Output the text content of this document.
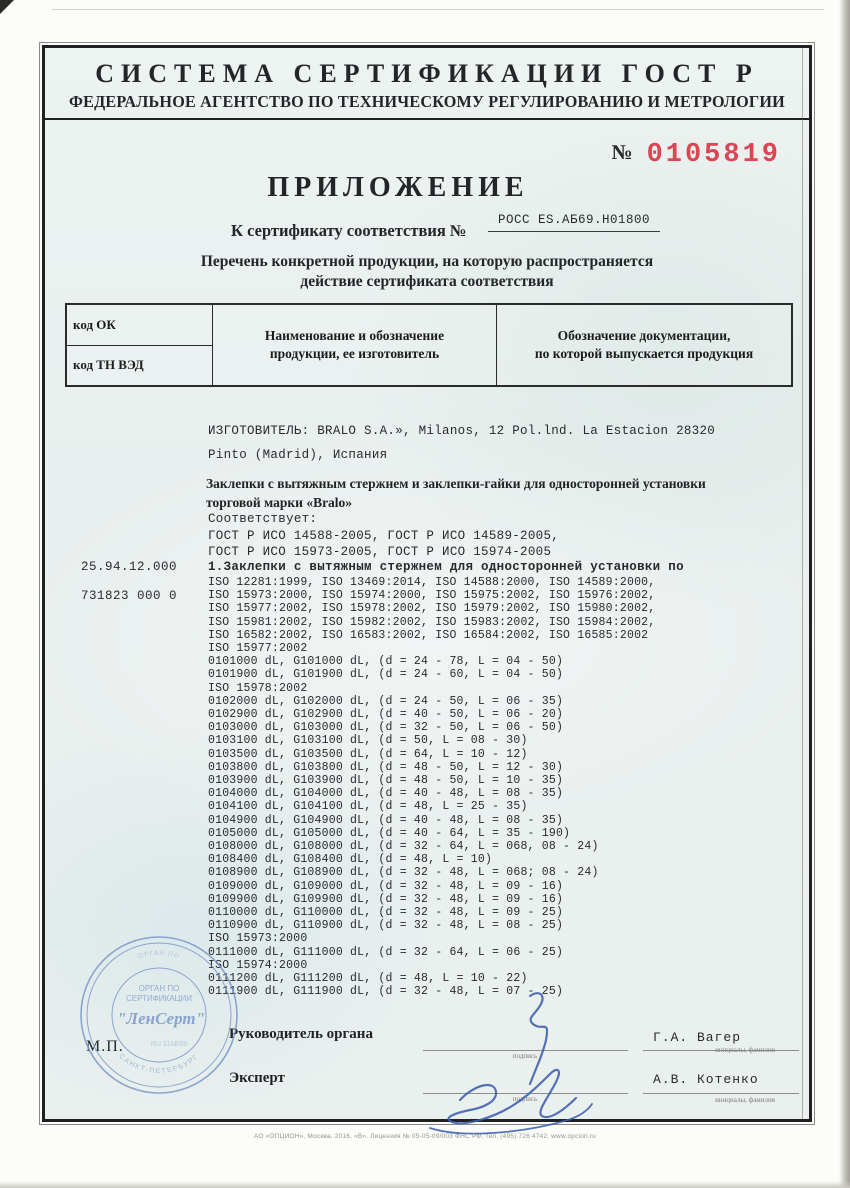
СИСТЕМА СЕРТИФИКАЦИИ ГОСТ Р
ФЕДЕРАЛЬНОЕ АГЕНТСТВО ПО ТЕХНИЧЕСКОМУ РЕГУЛИРОВАНИЮ И МЕТРОЛОГИИ
№ 0105819
ПРИЛОЖЕНИЕ
К сертификату соответствия №
РОСС ES.АБ69.Н01800
Перечень конкретной продукции, на которую распространяется
действие сертификата соответствия
код ОК
код ТН ВЭД
Наименование и обозначение
продукции, ее изготовитель
Обозначение документации,
по которой выпускается продукция
ИЗГОТОВИТЕЛЬ: BRALO S.A.», Milanos, 12 Pol.lnd. La Estacion 28320
Pinto (Madrid), Испания
Заклепки с вытяжным стержнем и заклепки-гайки для односторонней установки
торговой марки «Bralo»
Соответствует:
ГОСТ Р ИСО 14588-2005, ГОСТ Р ИСО 14589-2005,
ГОСТ Р ИСО 15973-2005, ГОСТ Р ИСО 15974-2005
1.Заклепки с вытяжным стержнем для односторонней установки по
25.94.12.000
731823 000 0
ISO 12281:1999, ISO 13469:2014, ISO 14588:2000, ISO 14589:2000,
ISO 15973:2000, ISO 15974:2000, ISO 15975:2002, ISO 15976:2002,
ISO 15977:2002, ISO 15978:2002, ISO 15979:2002, ISO 15980:2002,
ISO 15981:2002, ISO 15982:2002, ISO 15983:2002, ISO 15984:2002,
ISO 16582:2002, ISO 16583:2002, ISO 16584:2002, ISO 16585:2002
ISO 15977:2002
0101000 dL, G101000 dL, (d = 24 - 78, L = 04 - 50)
0101900 dL, G101900 dL, (d = 24 - 60, L = 04 - 50)
ISO 15978:2002
0102000 dL, G102000 dL, (d = 24 - 50, L = 06 - 35)
0102900 dL, G102900 dL, (d = 40 - 50, L = 06 - 20)
0103000 dL, G103000 dL, (d = 32 - 50, L = 06 - 50)
0103100 dL, G103100 dL, (d = 50, L = 08 - 30)
0103500 dL, G103500 dL, (d = 64, L = 10 - 12)
0103800 dL, G103800 dL, (d = 48 - 50, L = 12 - 30)
0103900 dL, G103900 dL, (d = 48 - 50, L = 10 - 35)
0104000 dL, G104000 dL, (d = 40 - 48, L = 08 - 35)
0104100 dL, G104100 dL, (d = 48, L = 25 - 35)
0104900 dL, G104900 dL, (d = 40 - 48, L = 08 - 35)
0105000 dL, G105000 dL, (d = 40 - 64, L = 35 - 190)
0108000 dL, G108000 dL, (d = 32 - 64, L = 068, 08 - 24)
0108400 dL, G108400 dL, (d = 48, L = 10)
0108900 dL, G108900 dL, (d = 32 - 48, L = 068; 08 - 24)
0109000 dL, G109000 dL, (d = 32 - 48, L = 09 - 16)
0109900 dL, G109900 dL, (d = 32 - 48, L = 09 - 16)
0110000 dL, G110000 dL, (d = 32 - 48, L = 09 - 25)
0110900 dL, G110900 dL, (d = 32 - 48, L = 08 - 25)
ISO 15973:2000
0111000 dL, G111000 dL, (d = 32 - 64, L = 06 - 25)
ISO 15974:2000
0111200 dL, G111200 dL, (d = 48, L = 10 - 22)
0111900 dL, G111900 dL, (d = 32 - 48, L = 07 - 25)
М.П.
Руководитель органа
подпись
Г.А. Вагер
инициалы, фамилия
Эксперт
подпись
А.В. Котенко
инициалы, фамилия
САНКТ-ПЕТЕРБУРГ
ОРГАН ПО
ОРГАН ПО
СЕРТИФИКАЦИИ
"ЛенСерт"
RU.11АБ69
АО «ОПЦИОН», Москва, 2016, «В». Лицензия № 05-05-09/003 ФНС РФ, тел. (495) 726 4742, www.opcion.ru
